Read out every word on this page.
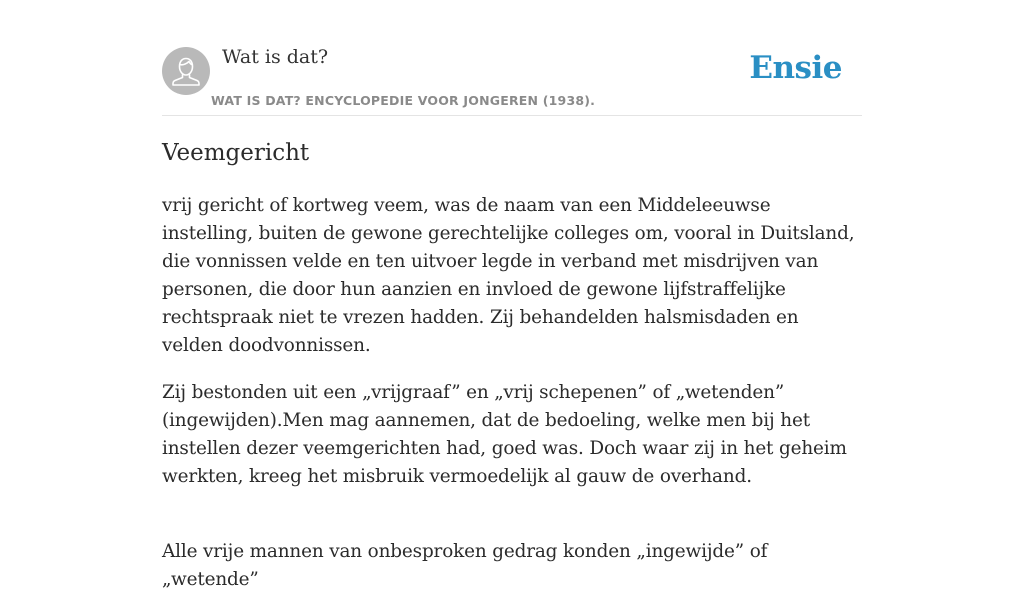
Wat is dat?
WAT IS DAT? ENCYCLOPEDIE VOOR JONGEREN (1938).
Ensie
Veemgericht

vrij gericht of kortweg veem, was de naam van een Middeleeuwse instelling, buiten de gewone gerechtelijke colleges om, vooral in Duitsland, die vonnissen velde en ten uitvoer legde in verband met misdrijven van personen, die door hun aanzien en invloed de gewone lijfstraffelijke rechtspraak niet te vrezen hadden. Zij behandelden halsmisdaden en velden doodvonnissen.

Zij bestonden uit een „vrijgraaf” en „vrij schepenen” of „wetenden” (ingewijden).Men mag aannemen, dat de bedoeling, welke men bij het instellen dezer veemgerichten had, goed was. Doch waar zij in het geheim werkten, kreeg het misbruik vermoedelijk al gauw de overhand.

Alle vrije mannen van onbesproken gedrag konden „ingewijde” of „wetende”
